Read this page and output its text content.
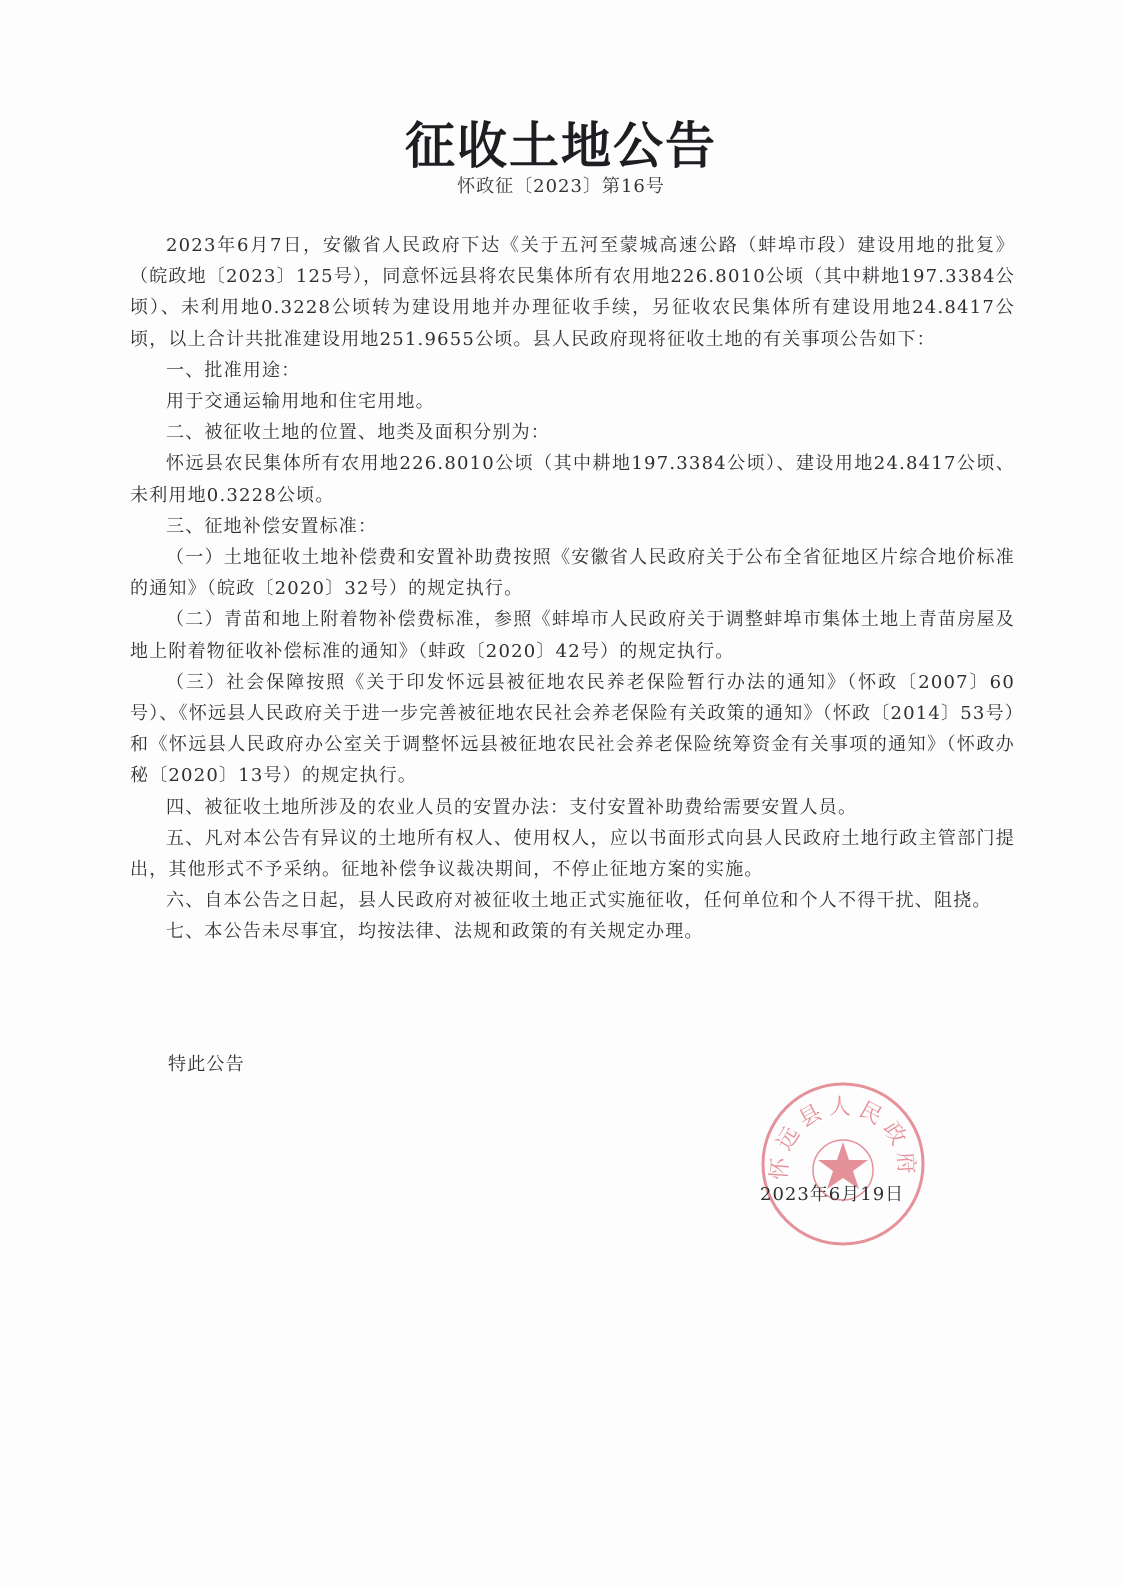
征收土地公告
怀政征〔2023〕第16号

2023年6月7日，安徽省人民政府下达《关于五河至蒙城高速公路（蚌埠市段）建设用地的批复》（皖政地〔2023〕125号），同意怀远县将农民集体所有农用地226.8010公顷（其中耕地197.3384公顷）、未利用地0.3228公顷转为建设用地并办理征收手续，另征收农民集体所有建设用地24.8417公顷，以上合计共批准建设用地251.9655公顷。县人民政府现将征收土地的有关事项公告如下：

一、批准用途：

用于交通运输用地和住宅用地。

二、被征收土地的位置、地类及面积分别为：

怀远县农民集体所有农用地226.8010公顷（其中耕地197.3384公顷）、建设用地24.8417公顷、未利用地0.3228公顷。

三、征地补偿安置标准：

（一）土地征收土地补偿费和安置补助费按照《安徽省人民政府关于公布全省征地区片综合地价标准的通知》（皖政〔2020〕32号）的规定执行。

（二）青苗和地上附着物补偿费标准，参照《蚌埠市人民政府关于调整蚌埠市集体土地上青苗房屋及地上附着物征收补偿标准的通知》（蚌政〔2020〕42号）的规定执行。

（三）社会保障按照《关于印发怀远县被征地农民养老保险暂行办法的通知》（怀政〔2007〕60号）、《怀远县人民政府关于进一步完善被征地农民社会养老保险有关政策的通知》（怀政〔2014〕53号）和《怀远县人民政府办公室关于调整怀远县被征地农民社会养老保险统筹资金有关事项的通知》（怀政办秘〔2020〕13号）的规定执行。

四、被征收土地所涉及的农业人员的安置办法：支付安置补助费给需要安置人员。

五、凡对本公告有异议的土地所有权人、使用权人，应以书面形式向县人民政府土地行政主管部门提出，其他形式不予采纳。征地补偿争议裁决期间，不停止征地方案的实施。

六、自本公告之日起，县人民政府对被征收土地正式实施征收，任何单位和个人不得干扰、阻挠。

七、本公告未尽事宜，均按法律、法规和政策的有关规定办理。

特此公告
怀远县人民政府
2023年6月19日
